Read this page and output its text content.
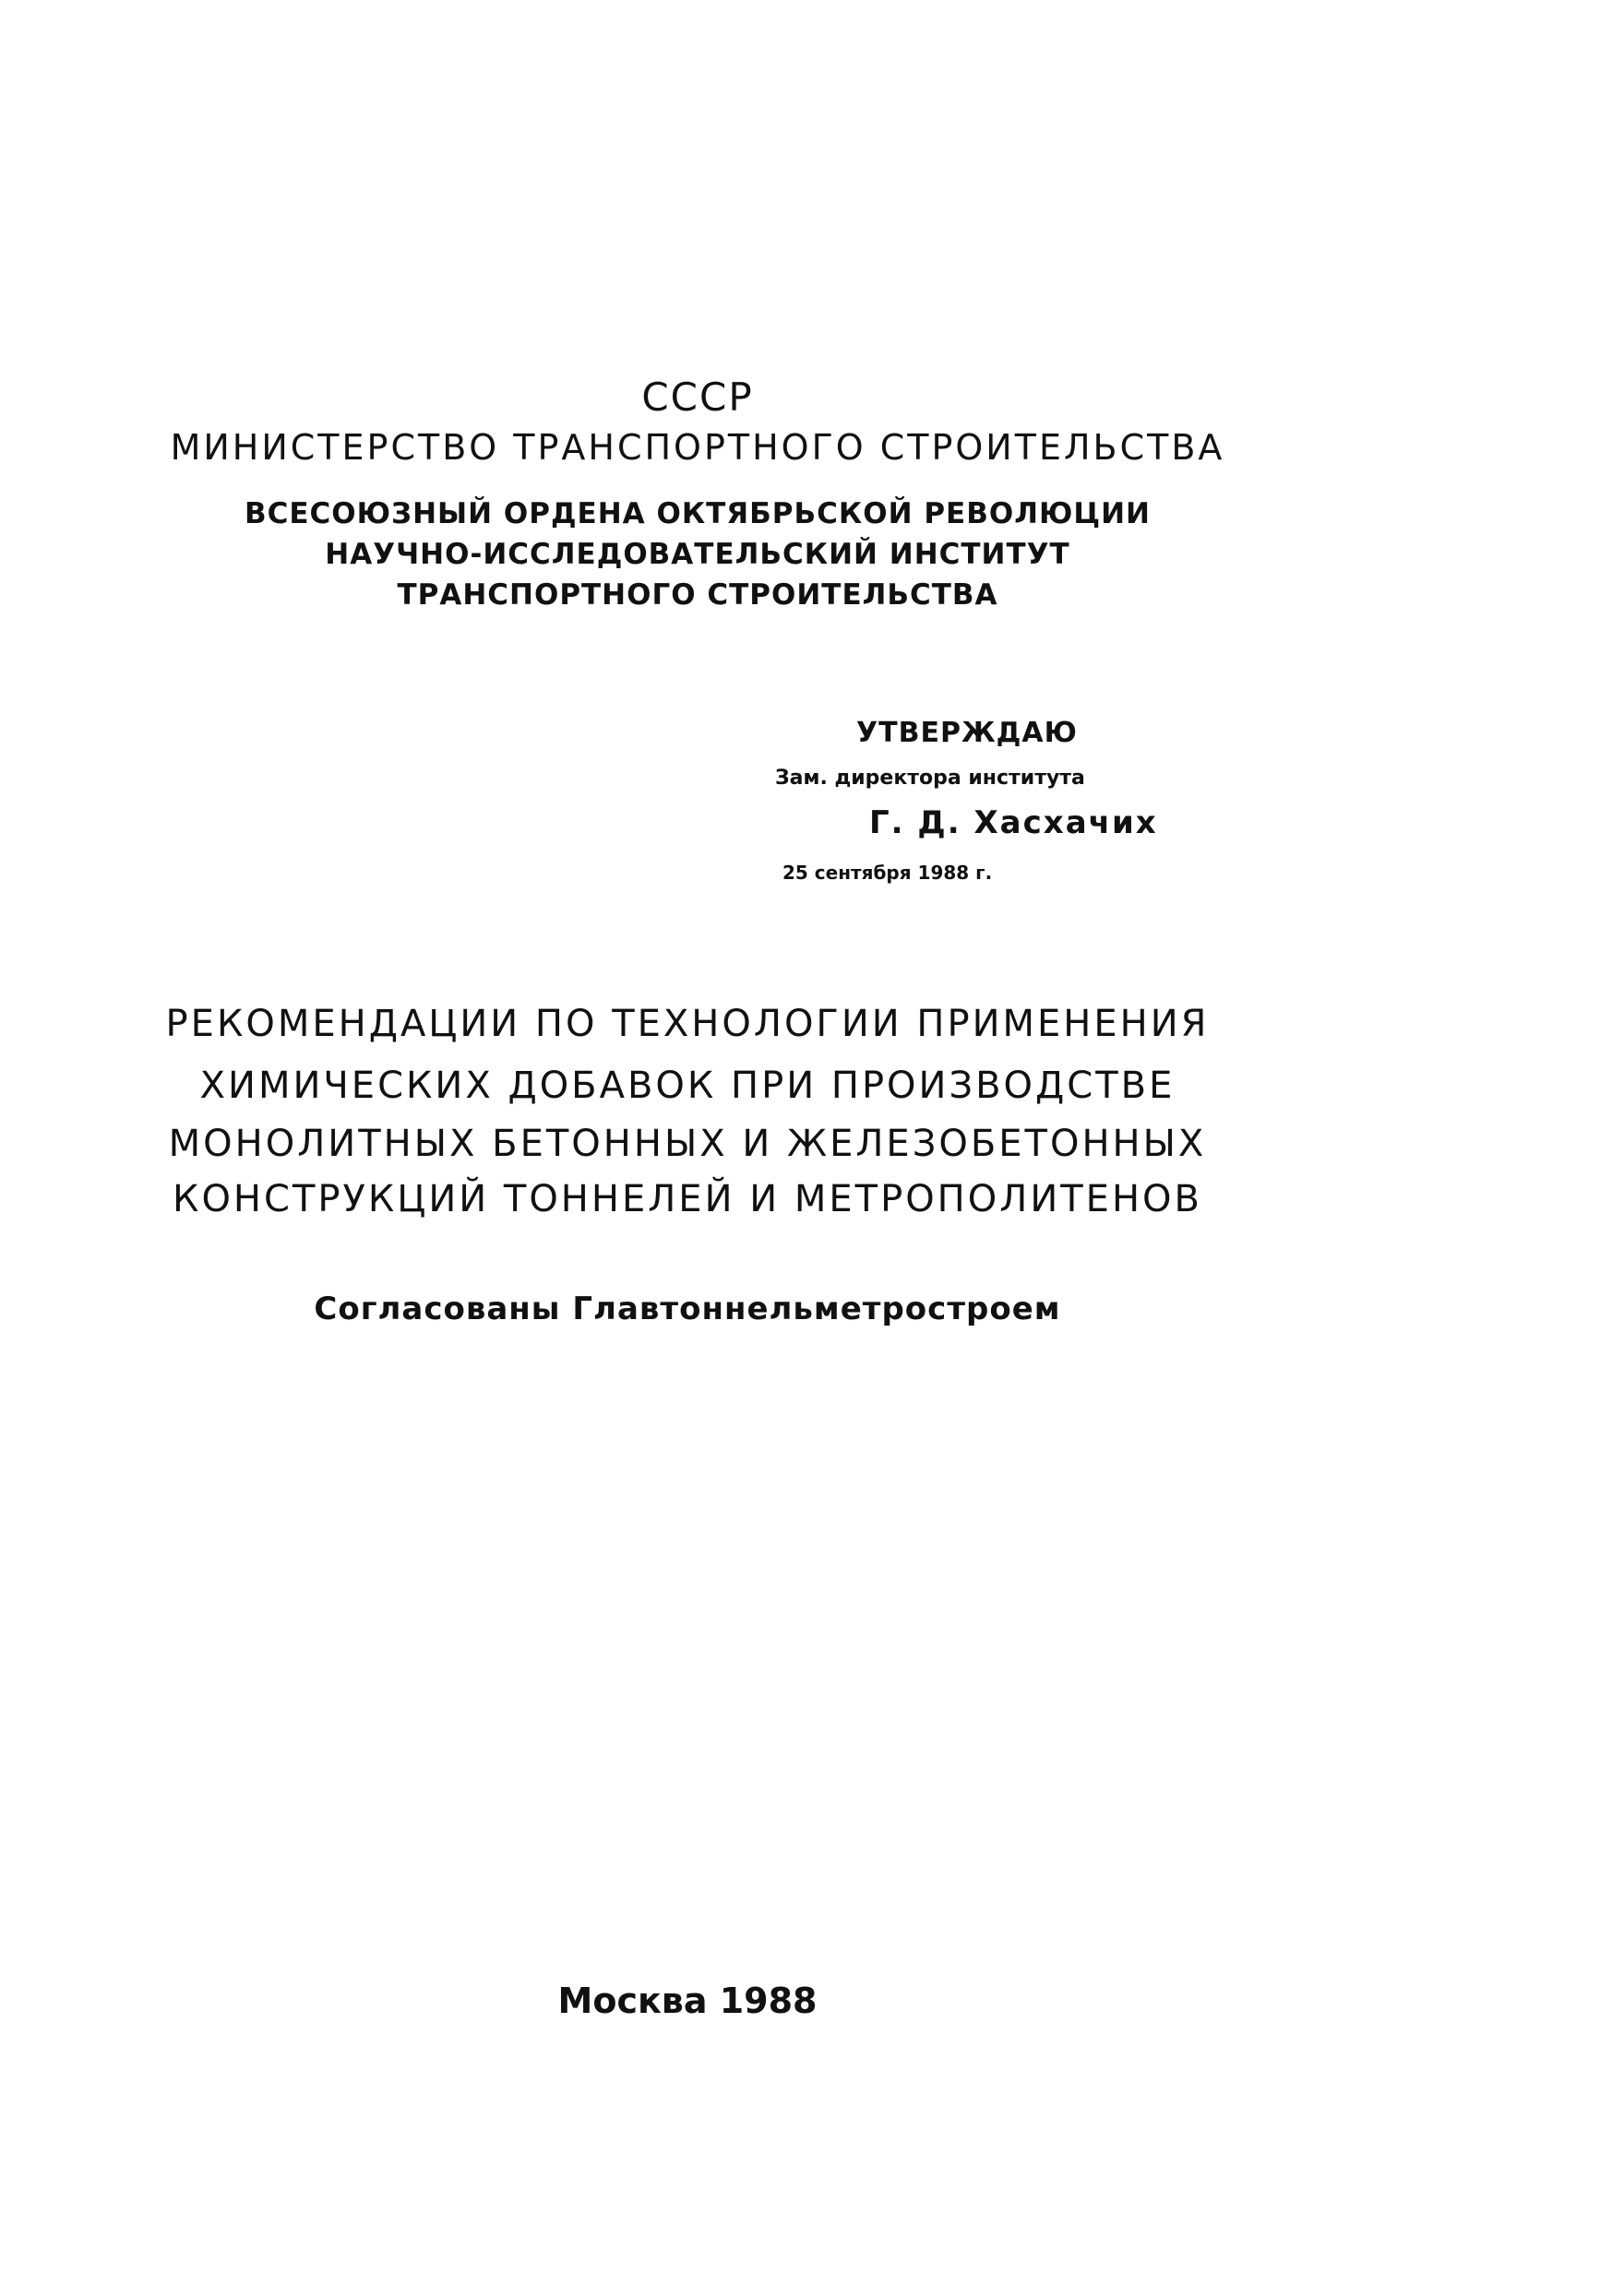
СССР
МИНИСТЕРСТВО ТРАНСПОРТНОГО СТРОИТЕЛЬСТВА
ВСЕСОЮЗНЫЙ ОРДЕНА ОКТЯБРЬСКОЙ РЕВОЛЮЦИИ
НАУЧНО-ИССЛЕДОВАТЕЛЬСКИЙ ИНСТИТУТ
ТРАНСПОРТНОГО СТРОИТЕЛЬСТВА
УТВЕРЖДАЮ
Зам. директора института
Г. Д. Хасхачих
25 сентября 1988 г.
РЕКОМЕНДАЦИИ ПО ТЕХНОЛОГИИ ПРИМЕНЕНИЯ
ХИМИЧЕСКИХ ДОБАВОК ПРИ ПРОИЗВОДСТВЕ
МОНОЛИТНЫХ БЕТОННЫХ И ЖЕЛЕЗОБЕТОННЫХ
КОНСТРУКЦИЙ ТОННЕЛЕЙ И МЕТРОПОЛИТЕНОВ
Согласованы Главтоннельметростроем
Москва 1988
